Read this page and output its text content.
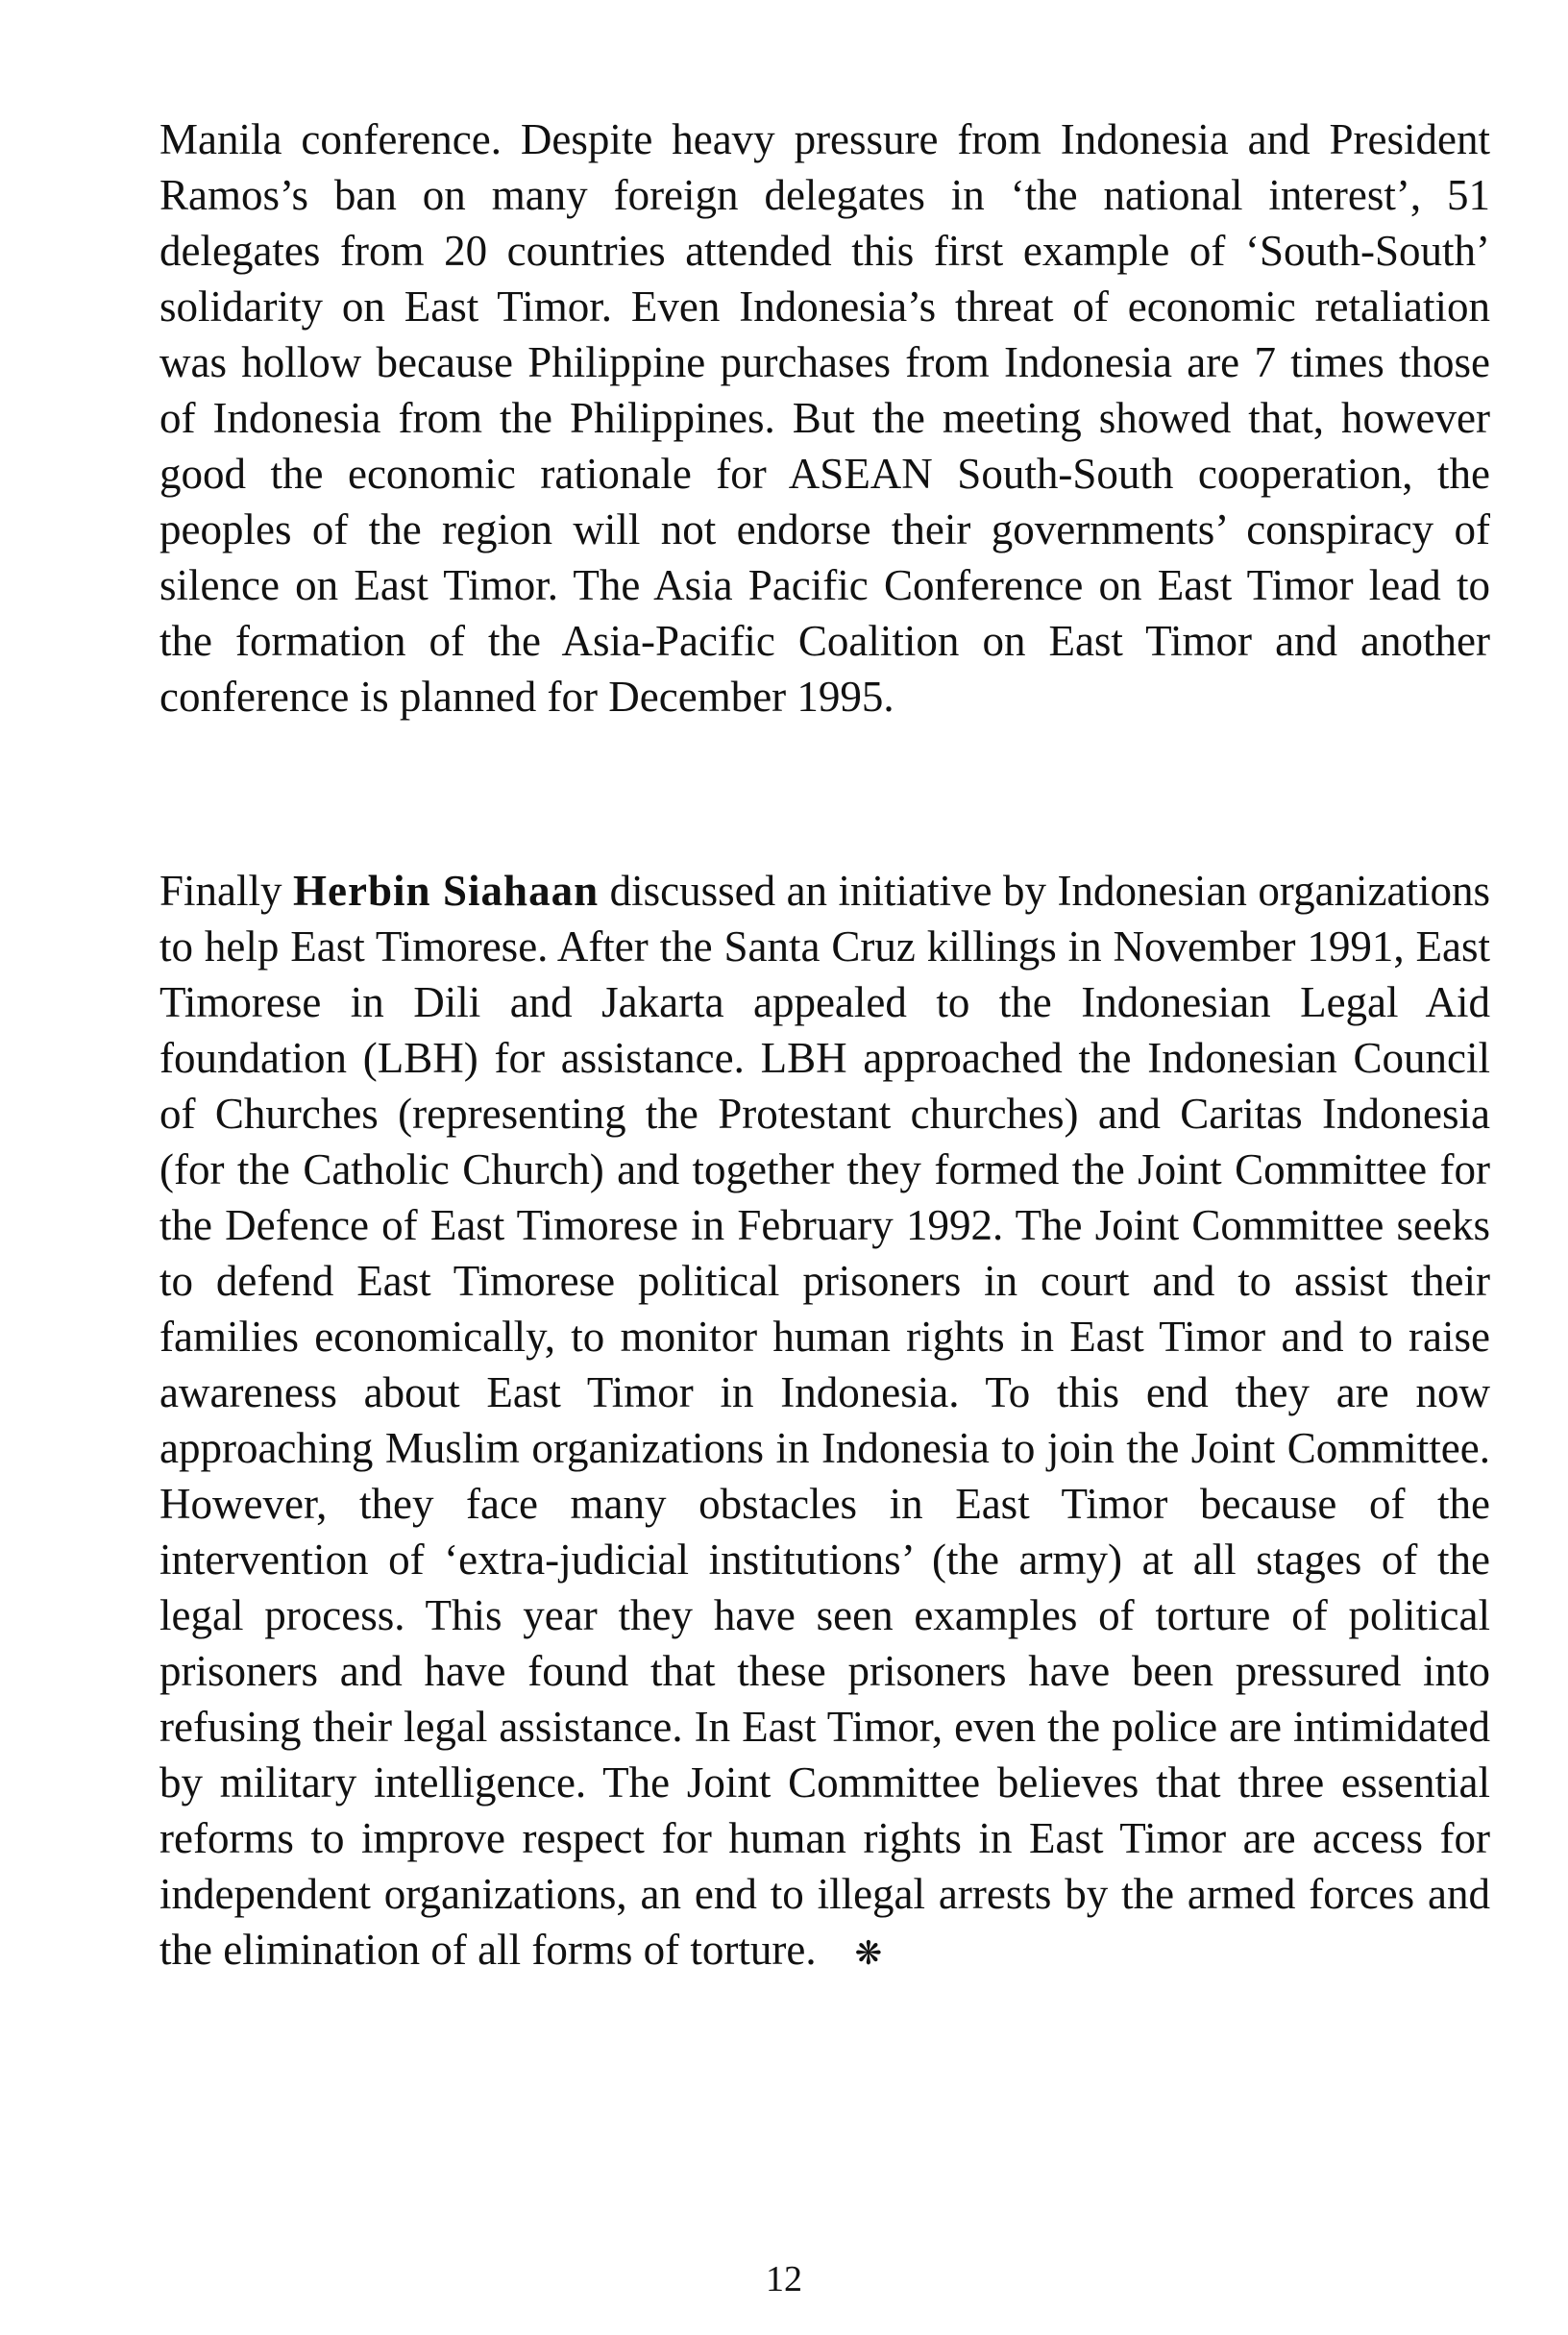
Manila conference. Despite heavy pressure from Indonesia and President Ramos’s ban on many foreign delegates in ‘the national interest’, 51 delegates from 20 countries attended this first example of ‘South-South’ solidarity on East Timor. Even Indonesia’s threat of economic retaliation was hollow because Philippine purchases from Indonesia are 7 times those of Indonesia from the Philippines. But the meeting showed that, however good the economic rationale for ASEAN South-South cooperation, the peoples of the region will not endorse their governments’ conspiracy of silence on East Timor. The Asia Pacific Conference on East Timor lead to the formation of the Asia-Pacific Coalition on East Timor and another conference is planned for December 1995.

Finally Herbin Siahaan discussed an initiative by Indonesian organizations to help East Timorese. After the Santa Cruz killings in November 1991, East Timorese in Dili and Jakarta appealed to the Indonesian Legal Aid foundation (LBH) for assistance. LBH approached the Indonesian Council of Churches (representing the Protestant churches) and Caritas Indonesia (for the Catholic Church) and together they formed the Joint Committee for the Defence of East Timorese in February 1992. The Joint Committee seeks to defend East Timorese political prisoners in court and to assist their families economically, to monitor human rights in East Timor and to raise awareness about East Timor in Indonesia. To this end they are now approaching Muslim organizations in Indonesia to join the Joint Committee. However, they face many obstacles in East Timor because of the intervention of ‘extra-judicial institutions’ (the army) at all stages of the legal process. This year they have seen examples of torture of political prisoners and have found that these prisoners have been pressured into refusing their legal assistance. In East Timor, even the police are intimidated by military intelligence. The Joint Committee believes that three essential reforms to improve respect for human rights in East Timor are access for independent organizations, an end to illegal arrests by the armed forces and the elimination of all forms of torture. ❋

12
